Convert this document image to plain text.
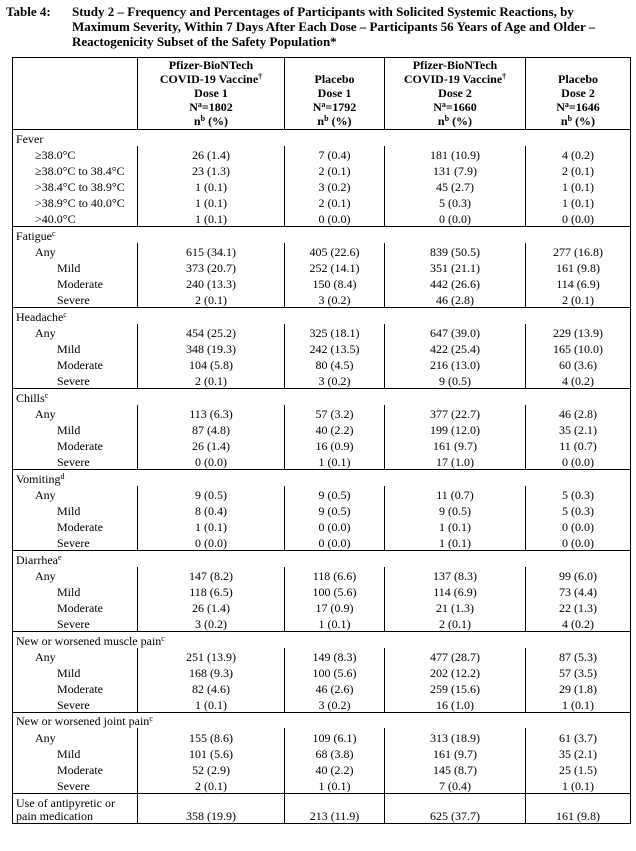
Table 4: Study 2 – Frequency and Percentages of Participants with Solicited Systemic Reactions, by Maximum Severity, Within 7 Days After Each Dose – Participants 56 Years of Age and Older – Reactogenicity Subset of the Safety Population*
	Pfizer-BioNTech
COVID-19 Vaccine†
Dose 1
$N^a=1802$
$n^b$ (%)	Placebo
Dose 1
$N^a=1792$
$n^b$ (%)	Pfizer-BioNTech
COVID-19 Vaccine†
Dose 2
$N^a=1660$
$n^b$ (%)	Placebo
Dose 2
$N^a=1646$
$n^b$ (%)
Fever				
≥38.0°C	26 (1.4)	7 (0.4)	181 (10.9)	4 (0.2)
≥38.0°C to 38.4°C	23 (1.3)	2 (0.1)	131 (7.9)	2 (0.1)
>38.4°C to 38.9°C	1 (0.1)	3 (0.2)	45 (2.7)	1 (0.1)
>38.9°C to 40.0°C	1 (0.1)	2 (0.1)	5 (0.3)	1 (0.1)
>40.0°C	1 (0.1)	0 (0.0)	0 (0.0)	0 (0.0)
Fatigue$^c$
Any	615 (34.1)	405 (22.6)	839 (50.5)	277 (16.8)
Mild	373 (20.7)	252 (14.1)	351 (21.1)	161 (9.8)
Moderate	240 (13.3)	150 (8.4)	442 (26.6)	114 (6.9)
Severe	2 (0.1)	3 (0.2)	46 (2.8)	2 (0.1)
Headache$^c$
Any	454 (25.2)	325 (18.1)	647 (39.0)	229 (13.9)
Mild	348 (19.3)	242 (13.5)	422 (25.4)	165 (10.0)
Moderate	104 (5.8)	80 (4.5)	216 (13.0)	60 (3.6)
Severe	2 (0.1)	3 (0.2)	9 (0.5)	4 (0.2)
Chills$^c$
Any	113 (6.3)	57 (3.2)	377 (22.7)	46 (2.8)
Mild	87 (4.8)	40 (2.2)	199 (12.0)	35 (2.1)
Moderate	26 (1.4)	16 (0.9)	161 (9.7)	11 (0.7)
Severe	0 (0.0)	1 (0.1)	17 (1.0)	0 (0.0)
Vomiting$^d$
Any	9 (0.5)	9 (0.5)	11 (0.7)	5 (0.3)
Mild	8 (0.4)	9 (0.5)	9 (0.5)	5 (0.3)
Moderate	1 (0.1)	0 (0.0)	1 (0.1)	0 (0.0)
Severe	0 (0.0)	0 (0.0)	1 (0.1)	0 (0.0)
Diarrhea$^e$
Any	147 (8.2)	118 (6.6)	137 (8.3)	99 (6.0)
Mild	118 (6.5)	100 (5.6)	114 (6.9)	73 (4.4)
Moderate	26 (1.4)	17 (0.9)	21 (1.3)	22 (1.3)
Severe	3 (0.2)	1 (0.1)	2 (0.1)	4 (0.2)
New or worsened muscle pain$^c$
Any	251 (13.9)	149 (8.3)	477 (28.7)	87 (5.3)
Mild	168 (9.3)	100 (5.6)	202 (12.2)	57 (3.5)
Moderate	82 (4.6)	46 (2.6)	259 (15.6)	29 (1.8)
Severe	1 (0.1)	3 (0.2)	16 (1.0)	1 (0.1)
New or worsened joint pain$^c$
Any	155 (8.6)	109 (6.1)	313 (18.9)	61 (3.7)
Mild	101 (5.6)	68 (3.8)	161 (9.7)	35 (2.1)
Moderate	52 (2.9)	40 (2.2)	145 (8.7)	25 (1.5)
Severe	2 (0.1)	1 (0.1)	7 (0.4)	1 (0.1)
Use of antipyretic or pain medication	358 (19.9)	213 (11.9)	625 (37.7)	161 (9.8)
